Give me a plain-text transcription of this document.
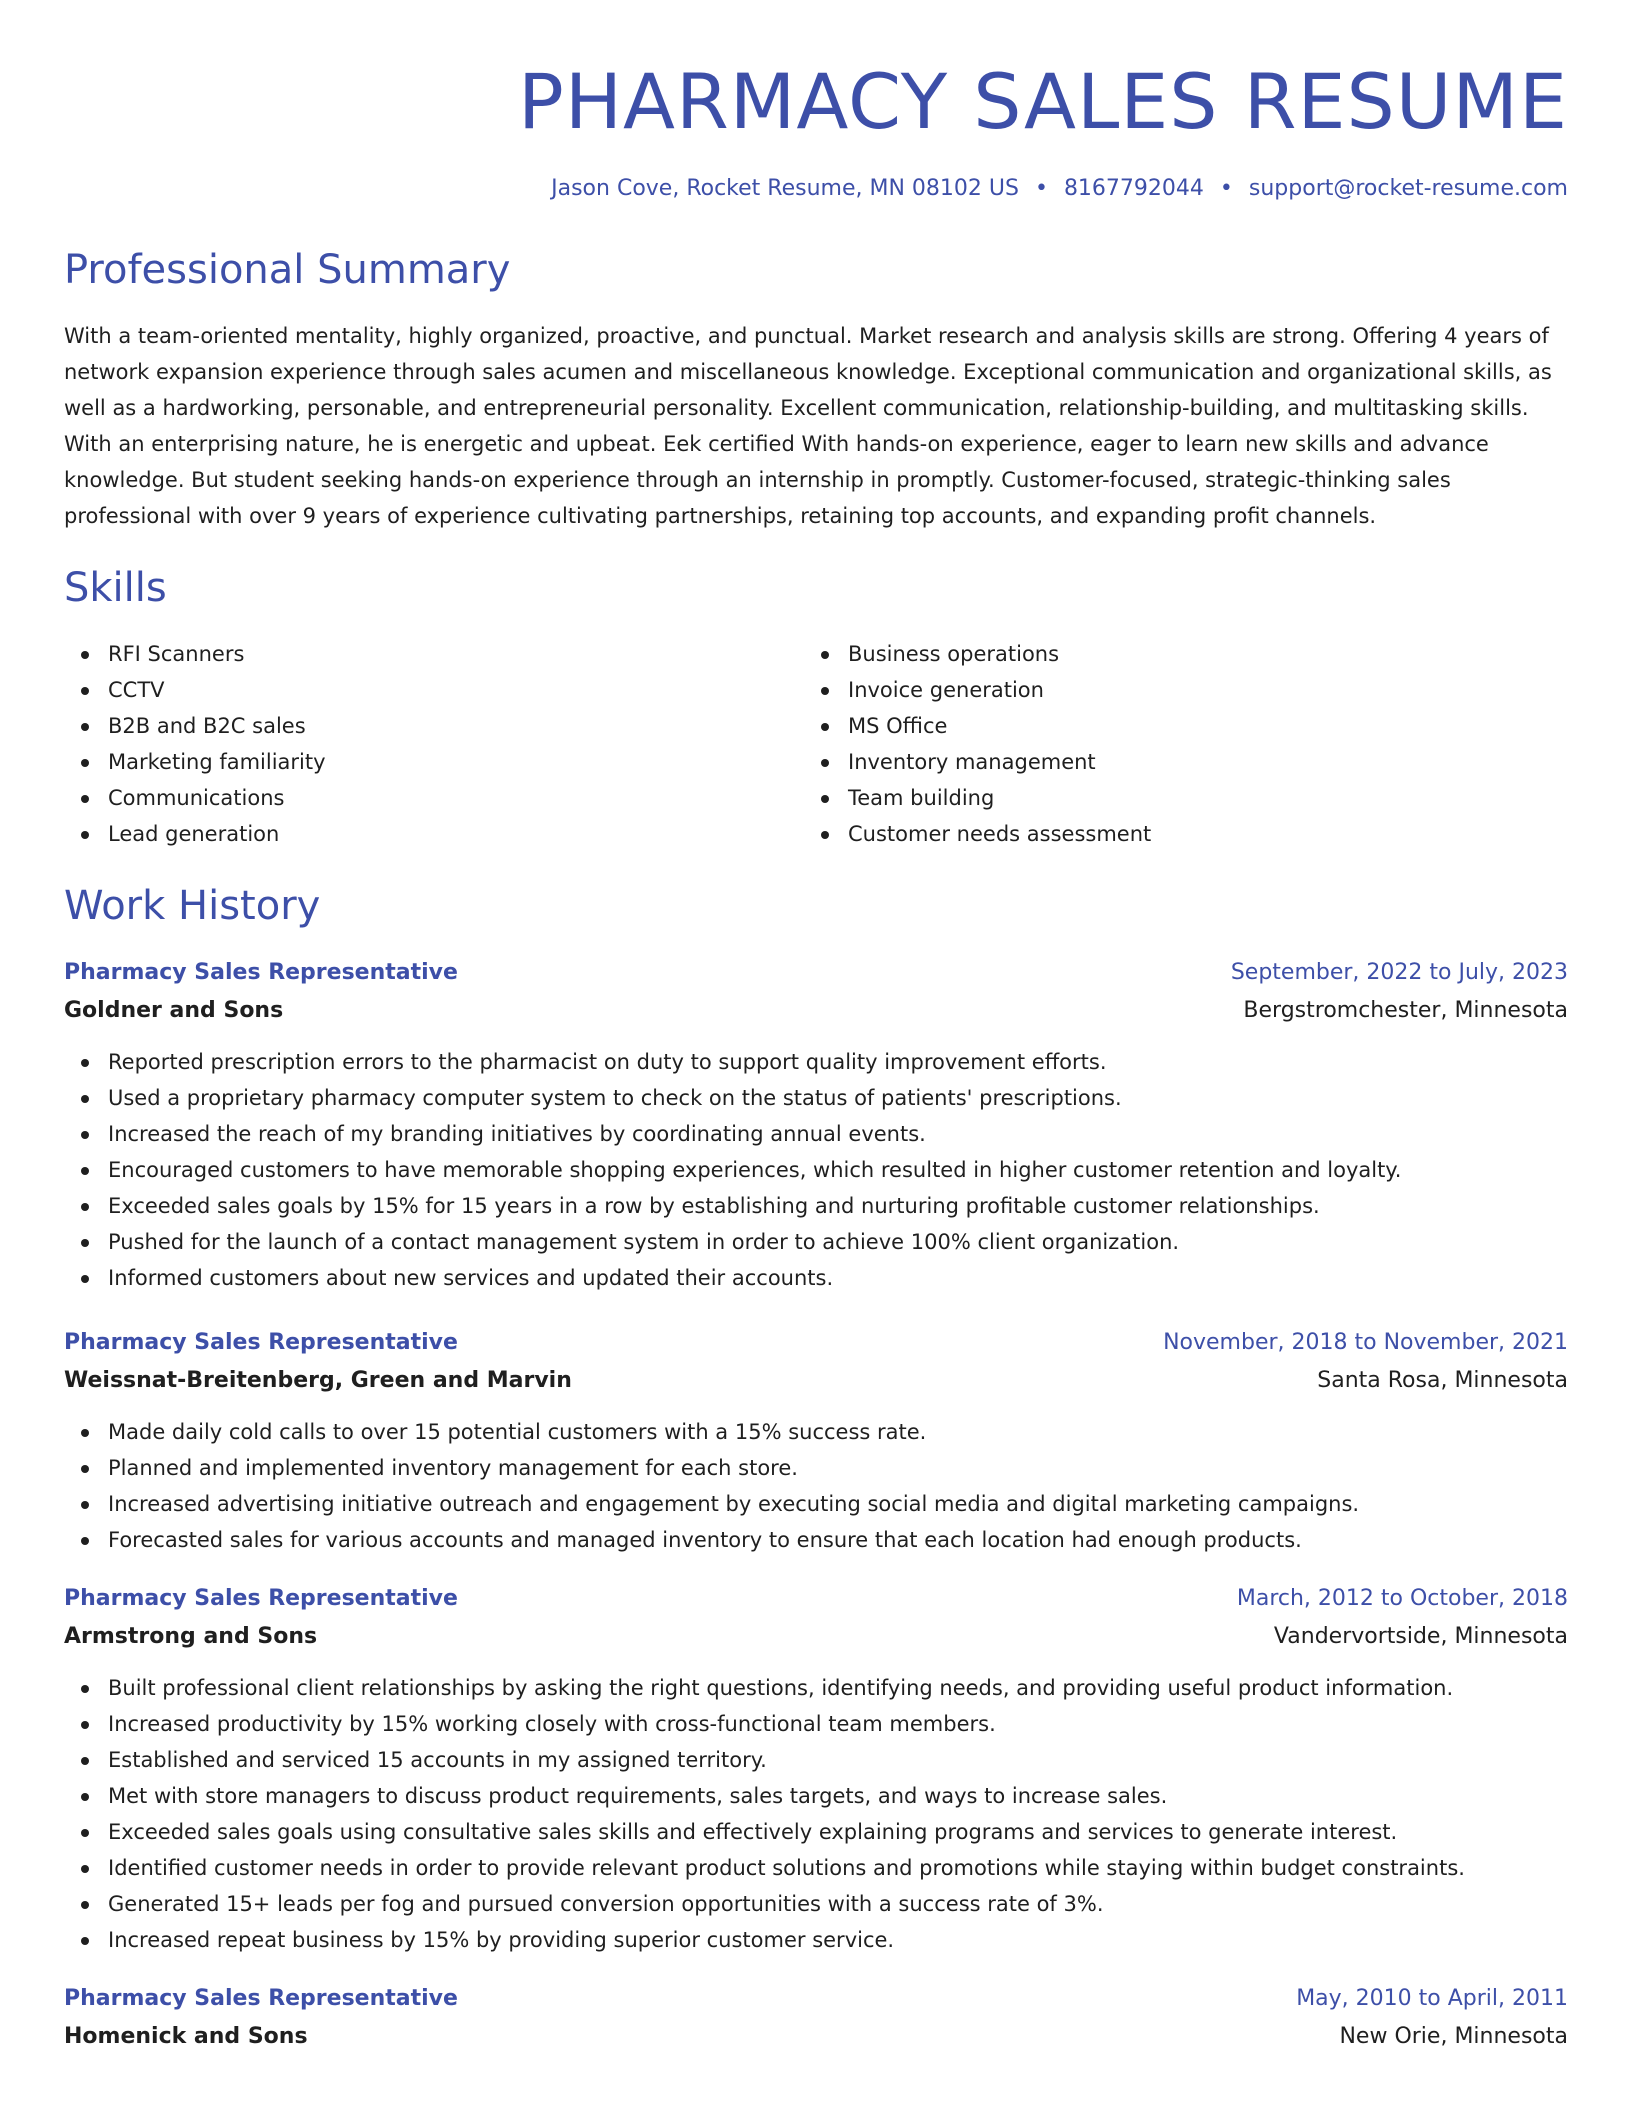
PHARMACY SALES RESUME
Jason Cove, Rocket Resume, MN 08102 US • 8167792044 • support@rocket-resume.com
Professional Summary

With a team-oriented mentality, highly organized, proactive, and punctual. Market research and analysis skills are strong. Offering 4 years of network expansion experience through sales acumen and miscellaneous knowledge. Exceptional communication and organizational skills, as well as a hardworking, personable, and entrepreneurial personality. Excellent communication, relationship-building, and multitasking skills. With an enterprising nature, he is energetic and upbeat. Eek certified With hands-on experience, eager to learn new skills and advance knowledge. But student seeking hands-on experience through an internship in promptly. Customer-focused, strategic-thinking sales professional with over 9 years of experience cultivating partnerships, retaining top accounts, and expanding profit channels.

Skills
RFI Scanners
CCTV
B2B and B2C sales
Marketing familiarity
Communications
Lead generation
Business operations
Invoice generation
MS Office
Inventory management
Team building
Customer needs assessment
Work History
Pharmacy Sales Representative	September, 2022 to July, 2023
Goldner and Sons	Bergstromchester, Minnesota
Reported prescription errors to the pharmacist on duty to support quality improvement efforts.
Used a proprietary pharmacy computer system to check on the status of patients' prescriptions.
Increased the reach of my branding initiatives by coordinating annual events.
Encouraged customers to have memorable shopping experiences, which resulted in higher customer retention and loyalty.
Exceeded sales goals by 15% for 15 years in a row by establishing and nurturing profitable customer relationships.
Pushed for the launch of a contact management system in order to achieve 100% client organization.
Informed customers about new services and updated their accounts.
Pharmacy Sales Representative	November, 2018 to November, 2021
Weissnat-Breitenberg, Green and Marvin	Santa Rosa, Minnesota
Made daily cold calls to over 15 potential customers with a 15% success rate.
Planned and implemented inventory management for each store.
Increased advertising initiative outreach and engagement by executing social media and digital marketing campaigns.
Forecasted sales for various accounts and managed inventory to ensure that each location had enough products.
Pharmacy Sales Representative	March, 2012 to October, 2018
Armstrong and Sons	Vandervortside, Minnesota
Built professional client relationships by asking the right questions, identifying needs, and providing useful product information.
Increased productivity by 15% working closely with cross-functional team members.
Established and serviced 15 accounts in my assigned territory.
Met with store managers to discuss product requirements, sales targets, and ways to increase sales.
Exceeded sales goals using consultative sales skills and effectively explaining programs and services to generate interest.
Identified customer needs in order to provide relevant product solutions and promotions while staying within budget constraints.
Generated 15+ leads per fog and pursued conversion opportunities with a success rate of 3%.
Increased repeat business by 15% by providing superior customer service.
Pharmacy Sales Representative	May, 2010 to April, 2011
Homenick and Sons	New Orie, Minnesota
